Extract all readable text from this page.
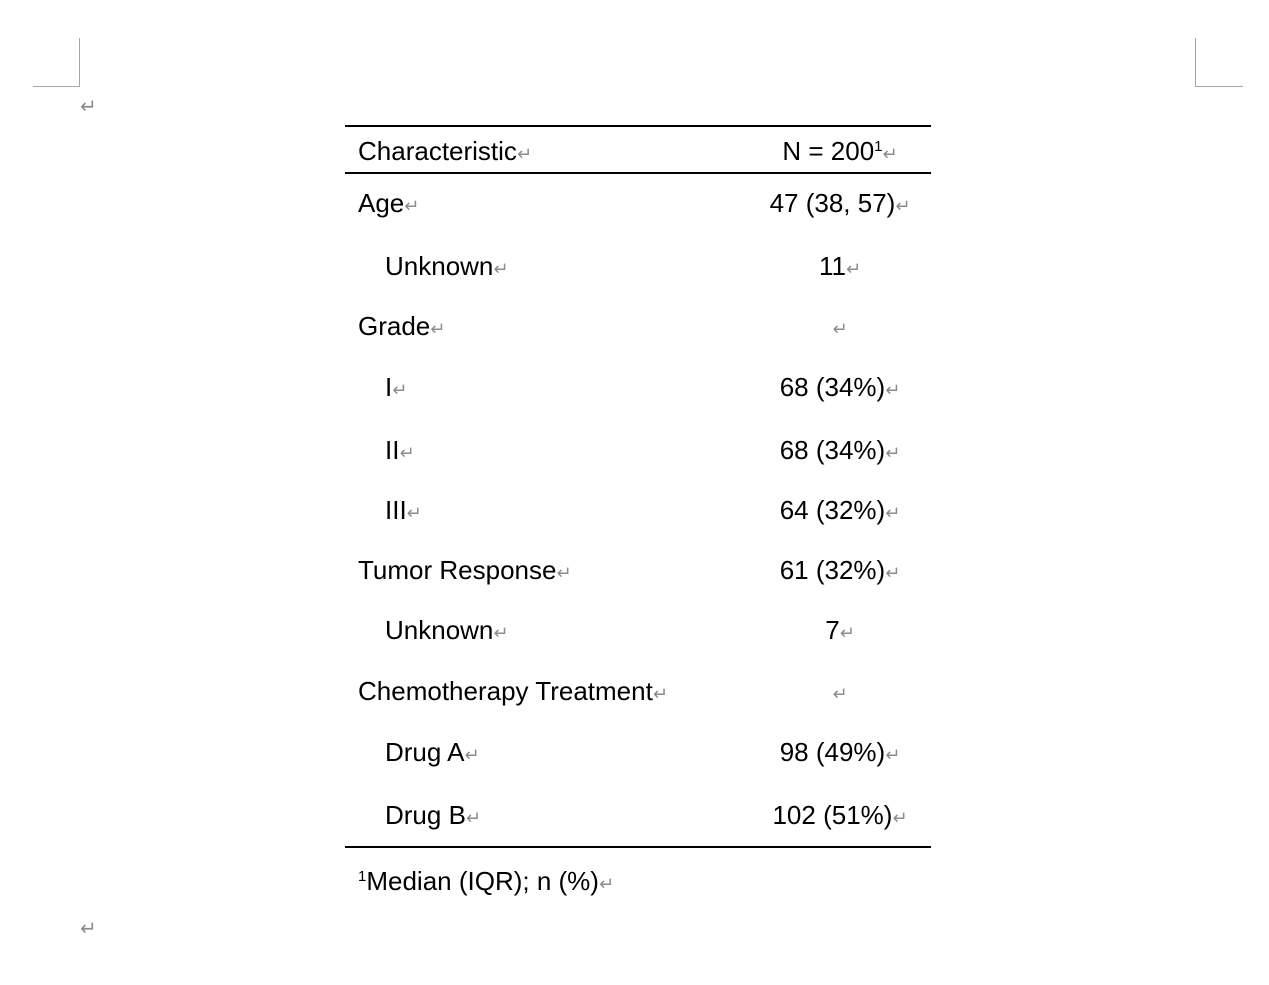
↵
↵
Characteristic↵	$N = 200^1↵$
Age↵	47 (38, 57)↵
Unknown↵	11↵
Grade↵	↵
I↵	68 (34%)↵
II↵	68 (34%)↵
III↵	64 (32%)↵
Tumor Response↵	61 (32%)↵
Unknown↵	7↵
Chemotherapy Treatment↵	↵
Drug A↵	98 (49%)↵
Drug B↵	102 (51%)↵
$^1$Median (IQR); n (%)↵
